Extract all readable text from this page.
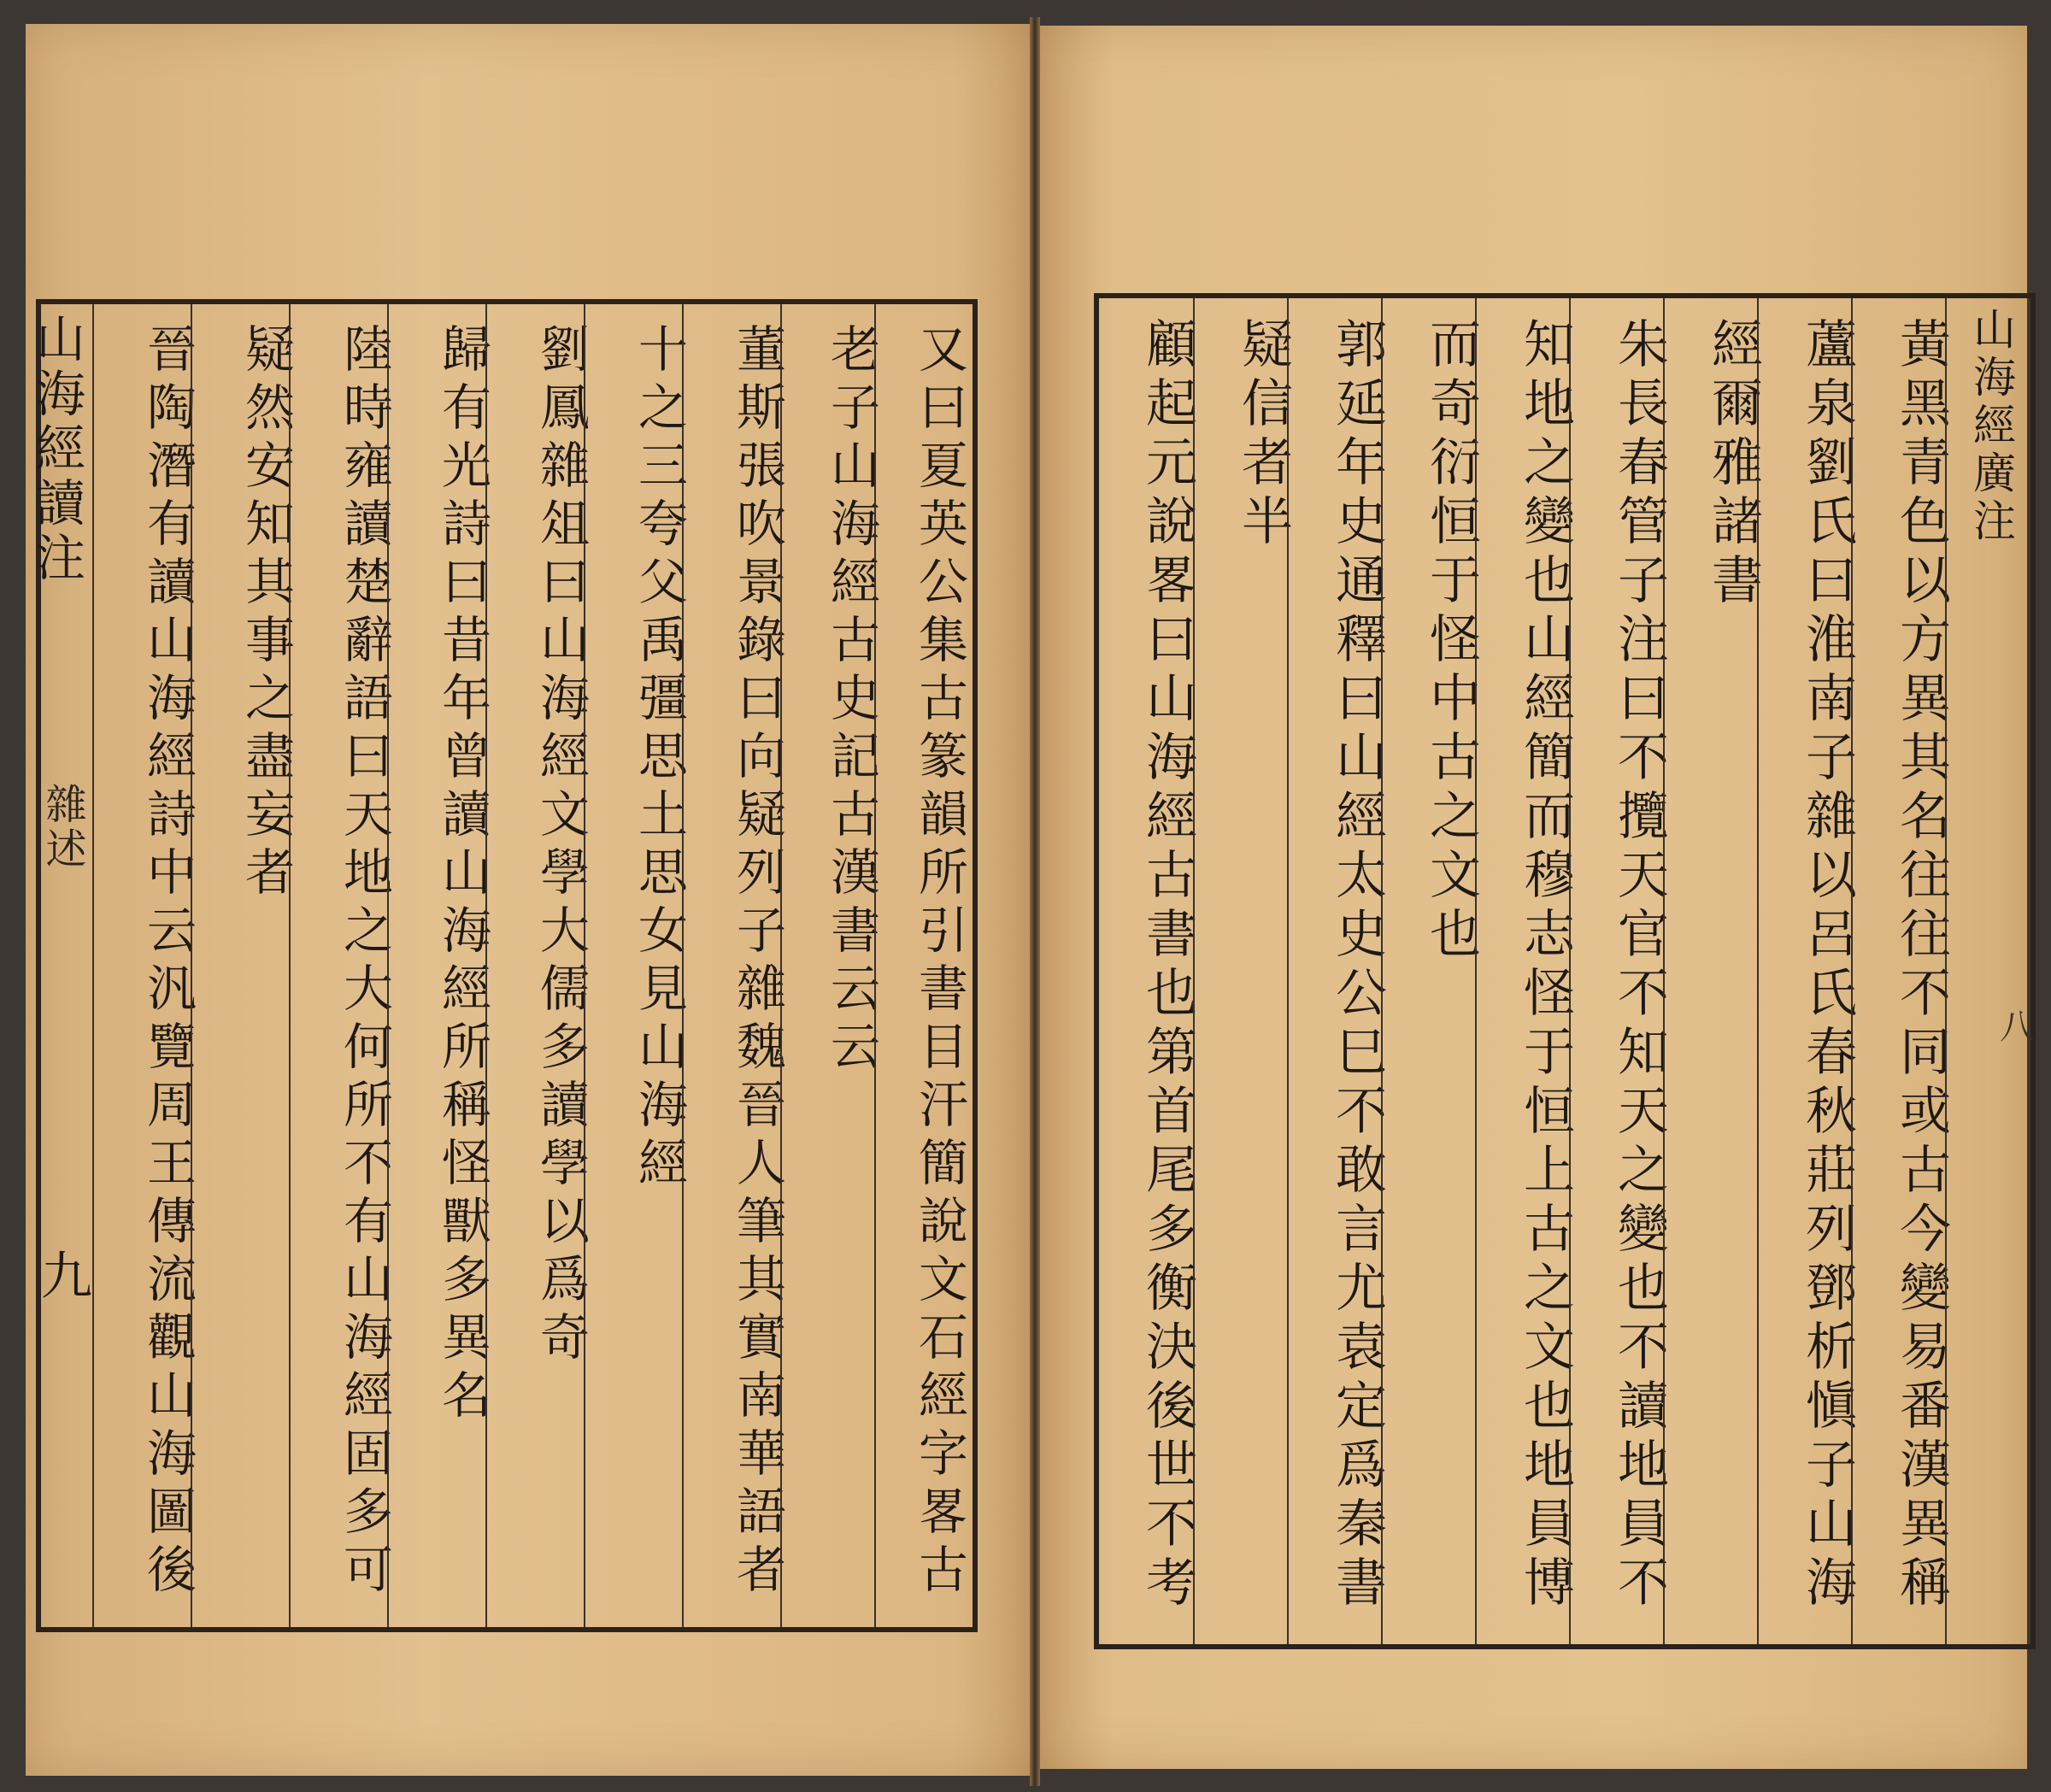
山海經讀注
雜述
九 晉陶潛有讀山海經詩中云汎覽周王傳流觀山海圖後 疑然安知其事之盡妄者 陸時雍讀楚辭語曰天地之大何所不有山海經固多可 歸有光詩曰昔年曾讀山海經所稱怪獸多異名 劉鳳雜俎曰山海經文學大儒多讀學以爲奇 十之三夸父禹彊思土思女見山海經 董斯張吹景錄曰向疑列子雜魏晉人筆其實南華語者 老子山海經古史記古漢書云云 又曰夏英公集古篆韻所引書目汗簡說文石經字畧古	顧起元說畧曰山海經古書也第首尾多衡決後世不考 疑信者半 郭延年史通釋曰山經太史公巳不敢言尤袁定爲秦書 而奇衍恒于怪中古之文也 知地之變也山經簡而穆志怪于恒上古之文也地員博 朱長春管子注曰不攬天官不知天之變也不讀地員不 經爾雅諸書 蘆泉劉氏曰淮南子雜以呂氏春秋莊列鄧析愼子山海 黃黑青色以方異其名往往不同或古今變易番漢異稱 山海經廣注
八
